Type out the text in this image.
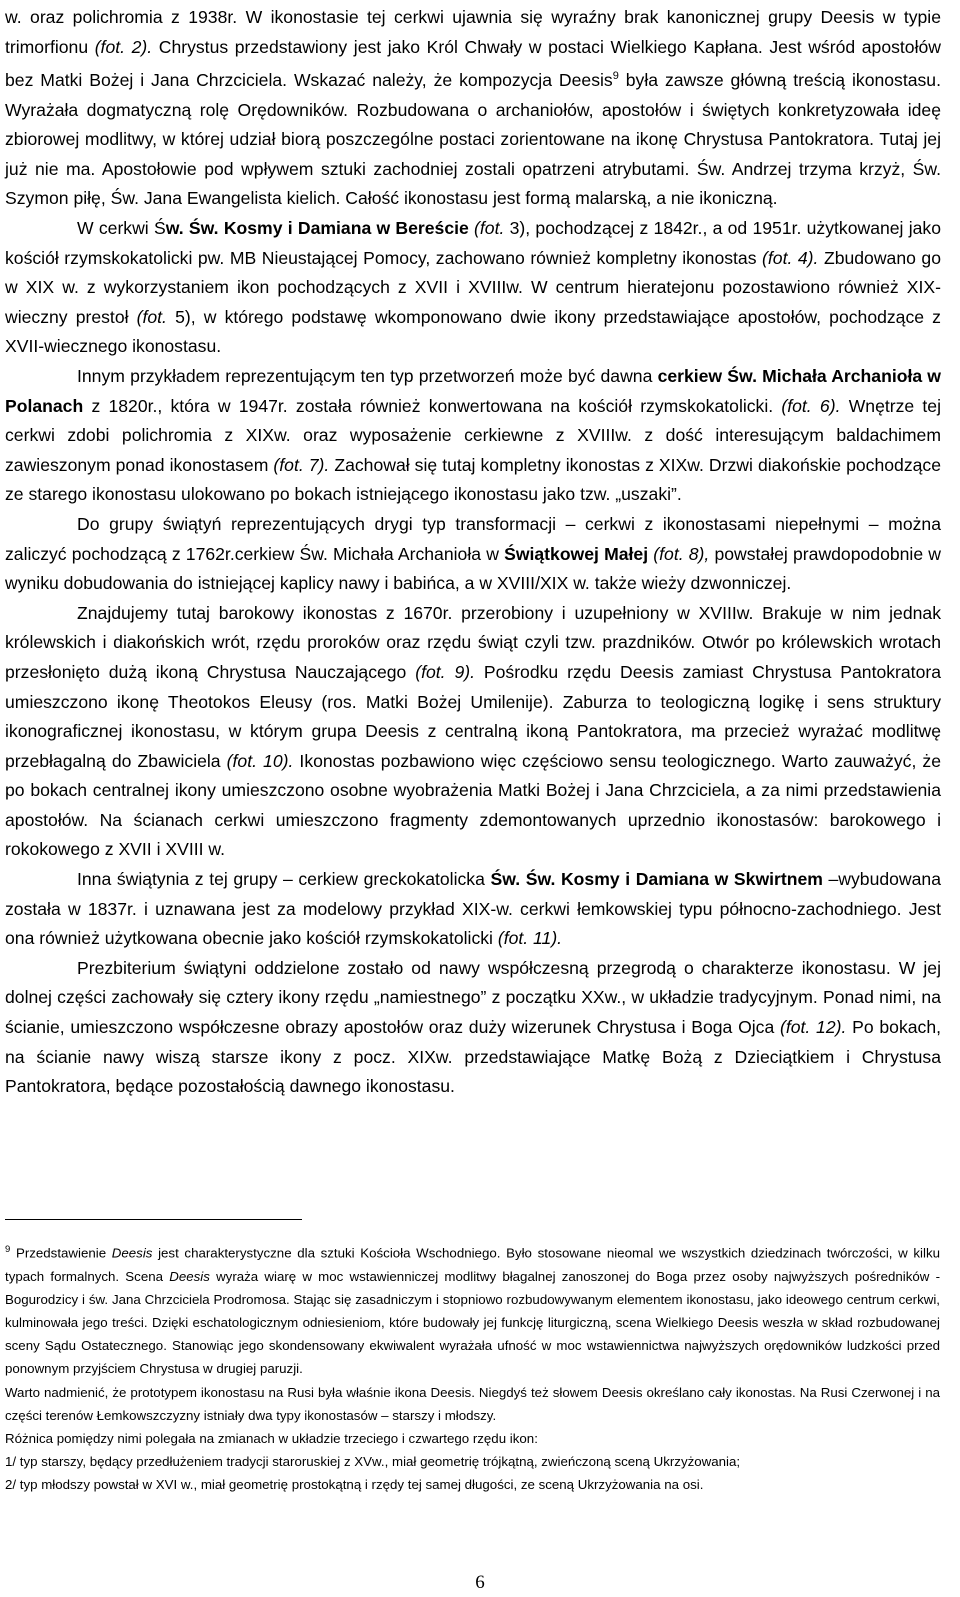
w. oraz polichromia z 1938r. W ikonostasie tej cerkwi ujawnia się wyraźny brak kanonicznej grupy Deesis w typie trimorfionu (fot. 2). Chrystus przedstawiony jest jako Król Chwały w postaci Wielkiego Kapłana. Jest wśród apostołów bez Matki Bożej i Jana Chrzciciela. Wskazać należy, że kompozycja Deesis$^9$ była zawsze główną treścią ikonostasu. Wyrażała dogmatyczną rolę Orędowników. Rozbudowana o archaniołów, apostołów i świętych konkretyzowała ideę zbiorowej modlitwy, w której udział biorą poszczególne postaci zorientowane na ikonę Chrystusa Pantokratora. Tutaj jej już nie ma. Apostołowie pod wpływem sztuki zachodniej zostali opatrzeni atrybutami. Św. Andrzej trzyma krzyż, Św. Szymon piłę, Św. Jana Ewangelista kielich. Całość ikonostasu jest formą malarską, a nie ikoniczną.

W cerkwi Św. Św. Kosmy i Damiana w Bereście (fot. 3), pochodzącej z 1842r., a od 1951r. użytkowanej jako kościół rzymskokatolicki pw. MB Nieustającej Pomocy, zachowano również kompletny ikonostas (fot. 4). Zbudowano go w XIX w. z wykorzystaniem ikon pochodzących z XVII i XVIIIw. W centrum hieratejonu pozostawiono również XIX-wieczny prestoł (fot. 5), w którego podstawę wkomponowano dwie ikony przedstawiające apostołów, pochodzące z XVII-wiecznego ikonostasu.

Innym przykładem reprezentującym ten typ przetworzeń może być dawna cerkiew Św. Michała Archanioła w Polanach z 1820r., która w 1947r. została również konwertowana na kościół rzymskokatolicki. (fot. 6). Wnętrze tej cerkwi zdobi polichromia z XIXw. oraz wyposażenie cerkiewne z XVIIIw. z dość interesującym baldachimem zawieszonym ponad ikonostasem (fot. 7). Zachował się tutaj kompletny ikonostas z XIXw. Drzwi diakońskie pochodzące ze starego ikonostasu ulokowano po bokach istniejącego ikonostasu jako tzw. „uszaki”.

Do grupy świątyń reprezentujących drygi typ transformacji – cerkwi z ikonostasami niepełnymi – można zaliczyć pochodzącą z 1762r.cerkiew Św. Michała Archanioła w Świątkowej Małej (fot. 8), powstałej prawdopodobnie w wyniku dobudowania do istniejącej kaplicy nawy i babińca, a w XVIII/XIX w. także wieży dzwonniczej.

Znajdujemy tutaj barokowy ikonostas z 1670r. przerobiony i uzupełniony w XVIIIw. Brakuje w nim jednak królewskich i diakońskich wrót, rzędu proroków oraz rzędu świąt czyli tzw. prazdników. Otwór po królewskich wrotach przesłonięto dużą ikoną Chrystusa Nauczającego (fot. 9). Pośrodku rzędu Deesis zamiast Chrystusa Pantokratora umieszczono ikonę Theotokos Eleusy (ros. Matki Bożej Umilenije). Zaburza to teologiczną logikę i sens struktury ikonograficznej ikonostasu, w którym grupa Deesis z centralną ikoną Pantokratora, ma przecież wyrażać modlitwę przebłagalną do Zbawiciela (fot. 10). Ikonostas pozbawiono więc częściowo sensu teologicznego. Warto zauważyć, że po bokach centralnej ikony umieszczono osobne wyobrażenia Matki Bożej i Jana Chrzciciela, a za nimi przedstawienia apostołów. Na ścianach cerkwi umieszczono fragmenty zdemontowanych uprzednio ikonostasów: barokowego i rokokowego z XVII i XVIII w.

Inna świątynia z tej grupy – cerkiew greckokatolicka Św. Św. Kosmy i Damiana w Skwirtnem –wybudowana została w 1837r. i uznawana jest za modelowy przykład XIX-w. cerkwi łemkowskiej typu północno-zachodniego. Jest ona również użytkowana obecnie jako kościół rzymskokatolicki (fot. 11).

Prezbiterium świątyni oddzielone zostało od nawy współczesną przegrodą o charakterze ikonostasu. W jej dolnej części zachowały się cztery ikony rzędu „namiestnego” z początku XXw., w układzie tradycyjnym. Ponad nimi, na ścianie, umieszczono współczesne obrazy apostołów oraz duży wizerunek Chrystusa i Boga Ojca (fot. 12). Po bokach, na ścianie nawy wiszą starsze ikony z pocz. XIXw. przedstawiające Matkę Bożą z Dzieciątkiem i Chrystusa Pantokratora, będące pozostałością dawnego ikonostasu.

$^9$ Przedstawienie Deesis jest charakterystyczne dla sztuki Kościoła Wschodniego. Było stosowane nieomal we wszystkich dziedzinach twórczości, w kilku typach formalnych. Scena Deesis wyraża wiarę w moc wstawienniczej modlitwy błagalnej zanoszonej do Boga przez osoby najwyższych pośredników - Bogurodzicy i św. Jana Chrzciciela Prodromosa. Stając się zasadniczym i stopniowo rozbudowywanym elementem ikonostasu, jako ideowego centrum cerkwi, kulminowała jego treści. Dzięki eschatologicznym odniesieniom, które budowały jej funkcję liturgiczną, scena Wielkiego Deesis weszła w skład rozbudowanej sceny Sądu Ostatecznego. Stanowiąc jego skondensowany ekwiwalent wyrażała ufność w moc wstawiennictwa najwyższych orędowników ludzkości przed ponownym przyjściem Chrystusa w drugiej paruzji.

Warto nadmienić, że prototypem ikonostasu na Rusi była właśnie ikona Deesis. Niegdyś też słowem Deesis określano cały ikonostas. Na Rusi Czerwonej i na części terenów Łemkowszczyzny istniały dwa typy ikonostasów – starszy i młodszy.

Różnica pomiędzy nimi polegała na zmianach w układzie trzeciego i czwartego rzędu ikon:

1/ typ starszy, będący przedłużeniem tradycji staroruskiej z XVw., miał geometrię trójkątną, zwieńczoną sceną Ukrzyżowania;

2/ typ młodszy powstał w XVI w., miał geometrię prostokątną i rzędy tej samej długości, ze sceną Ukrzyżowania na osi.

6
